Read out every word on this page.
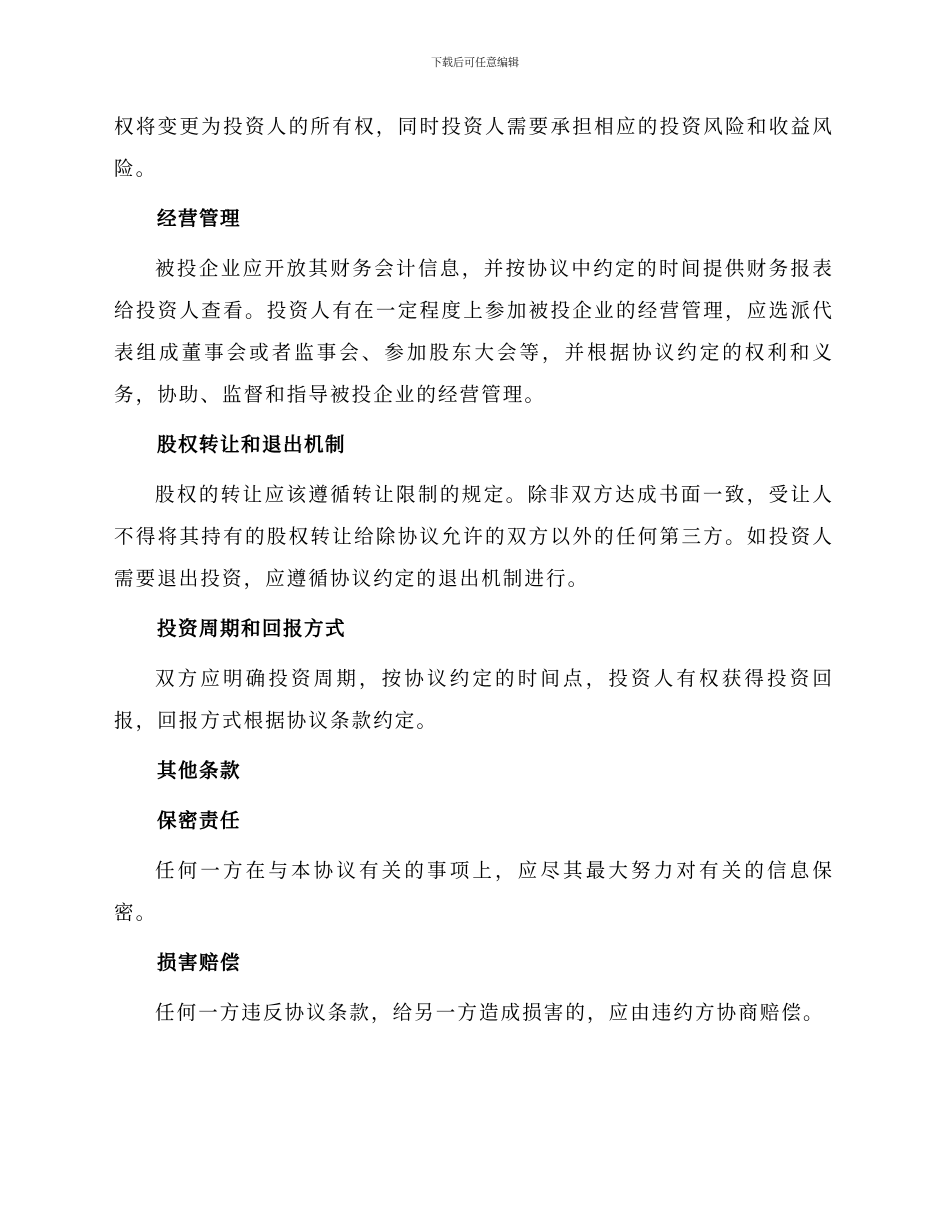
下载后可任意编辑

权将变更为投资人的所有权，同时投资人需要承担相应的投资风险和收益风险。

经营管理

被投企业应开放其财务会计信息，并按协议中约定的时间提供财务报表给投资人查看。投资人有在一定程度上参加被投企业的经营管理，应选派代表组成董事会或者监事会、参加股东大会等，并根据协议约定的权利和义务，协助、监督和指导被投企业的经营管理。

股权转让和退出机制

股权的转让应该遵循转让限制的规定。除非双方达成书面一致，受让人不得将其持有的股权转让给除协议允许的双方以外的任何第三方。如投资人需要退出投资，应遵循协议约定的退出机制进行。

投资周期和回报方式

双方应明确投资周期，按协议约定的时间点，投资人有权获得投资回报，回报方式根据协议条款约定。

其他条款
保密责任

任何一方在与本协议有关的事项上，应尽其最大努力对有关的信息保密。

损害赔偿

任何一方违反协议条款，给另一方造成损害的，应由违约方协商赔偿。
